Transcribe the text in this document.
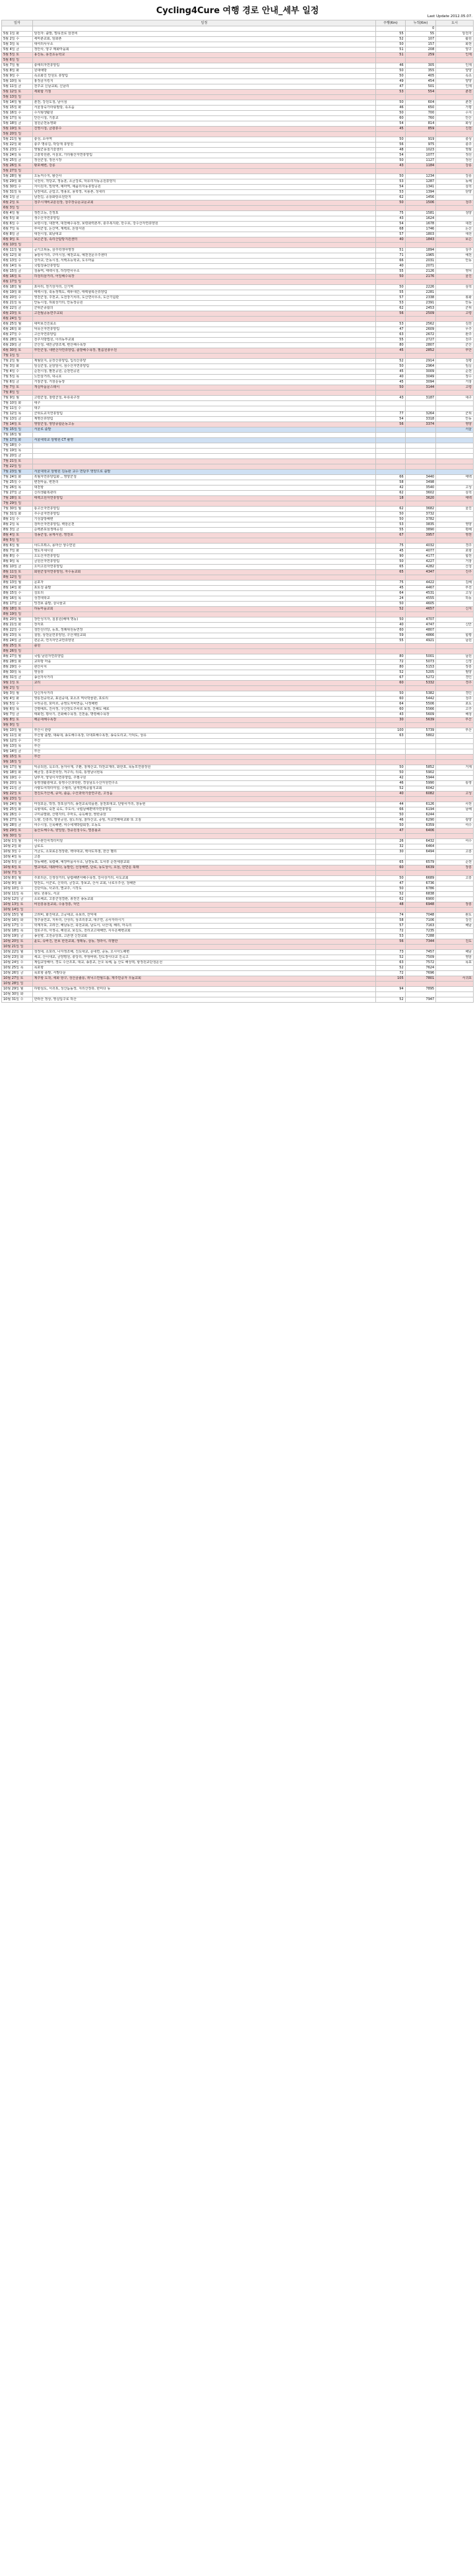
Cycling4Cure 여행 경로 안내_세부 일정
Last Update 2012.05.07.
일자	일정	주행(Km)	누적(Km)	도시
			0	
5월 1일 화	암전자: 출발, 멀티전로 암전비	55	55	암전자
5월 2일 수	세마춘교회, 임화촌	52	107	활원
5월 3일 목	대여리사무소	50	157	화천
5월 4일 금	정안사, 양구 매화마을회	51	208	양구
5월 5일 토	용진동, 용전초등학교	51	259	인제
5월 6일 일				
5월 7일 월	충태리자연휴양림	46	305	인제
5월 8일 화	원대예방	50	355	양양
5월 9일 수	속초화진 안원도 휴양림	50	405	속초
5월 10일 목	홍정골지킹지	49	454	양양
5월 11일 금	전주교 신남교회, 신남리	47	501	인제
5월 12일 토	세화합 기점	53	554	춘천
5월 13일 일				
5월 14일 월	춘천, 강원도청, 남이섬	50	604	춘천
5월 15일 화	서울창숙가라핑필랑, 속초읍	46	650	가평
5월 16일 수	수지형생활원	50	700	수지
5월 17일 목	안산시청, 기흥교	60	760	안산
5월 18일 금	철원준천동영화	54	814	화성
5월 19일 토	진영시청, 금광휴수	45	859	진천
5월 20일 일				
5월 21일 월	충성, 소야역	50	919	충성
5월 22일 화	충주 명류길, 박당재 휴양원	56	975	충주
5월 23일 수	영월군용철기술센터	48	1023	영월
5월 24일 목	고흥학원관, 서울호, 가리왕산자연휴양림	54	1077	정선
5월 25일 금	정선군청, 정선시장	50	1127	정선
5월 26일 토	황포해변, 강릉	43	1184	강릉
5월 27일 일				
5월 28일 월	오동저수지, 왕산사	50	1234	강릉
5월 29일 화	국전사, 적당교, 정동혼, 소금강로, 덕유리자동공원휴양지	53	1287	동해
5월 30일 수	자이원자, 밀학역, 예마역, 예품리자동휴양공원	54	1341	삼척
5월 31일 목	남천대교, 준업고, 앵용호, 용학장, 치용촌, 성내리	53	1394	단양
6월 1일 금	남천길, 공룡화랑소원단지	62	1456	
6월 2일 토	청주시재비교분원장, 청주장승문교문교회	50	1506	청주
6월 3일 일				
6월 4일 월	정칸고등, 진정포	75	1581	청양
6월 5일 화	생수산자연휴양림	43	1624	
6월 6일 수	보령시청, 대천역, 대천해수욕장, 보령화력본부, 충주복지관, 만수호, 강수산자연휴양원	54	1678	대천
6월 7일 목	부여군청, 논산역, 계백로, 돈암서원	68	1746	논산
6월 8일 금	대전시청, 회남대교	57	1803	대전
6월 9일 토	보은군청, 속리산탐방지원센터	40	1843	보은
6월 10일 일				
6월 11일 월	공기고위동, 삼주학생야영장	51	1894	상주
6월 12일 화	농암사거리, 구미시청, 예천교육, 예천전문우주센터	71	1965	예천
6월 13일 수	상자교, 안동시청, 서백초등학교, 도우마을	66	2031	안동
6월 14일 목	국립청송산휴양림	40	2071	
6월 15일 금	청송역, 태백시청, 하장면사무소	55	2126	영덕
6월 16일 토	하청리삼거리, 어일해수욕장	50	2176	울진
6월 17일 일				
6월 18일 월	포야리, 천기상자리, 신기역	50	2226	삼척
6월 19일 화	태백시청, 축동정맥도, 백두대간, 태백할복산휴양림	55	2281	
6월 20일 수	영천군청, 주천교, 도전장기치리, 도산면사무소, 도산기념관	57	2338	봉화
6월 21일 목	안동시청, 하회상가리, 안동장승원	53	2391	안동
6월 22일 금	군위군종합의	62	2453	군위
6월 23일 토	고전월공동면주교회	56	2509	고령
6월 24일 일				
6월 25일 월	대마보건진료소	53	2562	김천
6월 26일 화	덕유산자연휴양림	47	2609	무주
6월 27일 수	고산자연휴양림	63	2672	완주
6월 28일 목	전주지방법원, 이리동부교회	55	2727	전주
6월 29일 금	군산청, 새만금방조제, 변산해수욕장	80	2807	군산
6월 30일 토	부안군청, 내변산자연휴양림, 솔밭해수욕장, 필름원총무원	45	2852	부안
7월 1일 일				
7월 2일 월	제월단지, 운장산휴양림, 입석산휴양	52	2914	청평
7월 3일 화	임실군청, 운암임이, 섬수산자연휴양림	50	2964	임실
7월 4일 수	순천시청, 팔천공원, 순천연공원	45	3009	순천
7월 5일 목	노안삼거리, 대곡호	40	3049	장수
7월 6일 금	거창군청, 거창운동장	45	3094	거창
7월 7일 토	개실마을문스테이	50	3144	고령
7월 8일 일				
7월 9일 월	고령군청, 창령군청, 두류축구장	43	3187	대구
7월 10일 화	대구			
7월 11일 수	대구			
7월 12일 목	군위도교지연휴양림	77	3264	군위
7월 13일 금	계명산휴양림	54	3318	안동
7월 14일 토	영양군청, 영양종합운동고등	56	3374	영양
7월 15일 일	서울로 출발			서울
7월 16일 월				
7월 17일 화	서울대학교 암병원 CT 촬영			
7월 18일 수				
7월 19일 목				
7월 20일 금				
7월 21일 토				
7월 22일 일				
7월 23일 월	서울대학교 암병원 김동완 교수 면담후 영양으로 출발			
7월 24일 화	흑월자연휴양림화 ,, 영양군청	66	3440	태백
7월 25일 수	변천마을, 변천리	58	3498	
7월 26일 목	대천항	42	3540	고성
7월 27일 금	신리생활복관리	62	3602	삼척
7월 28일 토	태백고원자연휴양림	18	3620	태백
7월 29일 일				
7월 30일 월	통고산자연휴양림	62	3682	울진
7월 31일 화	주수골자연휴양림	50	3732	
8월 1일 수	기성참방해변	50	3782	
8월 2일 목	검마산자연휴양림, 백암온천	53	3835	영양
8월 3일 금	순백촌포섬생태공원	55	3890	평해
8월 4일 토	청송군청, 풍계서원, 영천호	67	3957	영천
8월 5일 일				
8월 6일 월	야드프뤼츠, 용마산 생수연원	75	4032	경주
8월 7일 화	영도자새시원	45	4077	포항
8월 8일 수	오도산자연휴양림	90	4177	합천
8월 9일 목	금원산자연휴양림	50	4227	거창
8월 10일 금	오미고원자연휴양림	65	4282	산청
8월 11일 토	회현군청자연휴양원, 자수동교회	65	4347	진주
8월 12일 일				
8월 13일 월	문포자	75	4422	김해
8월 14일 화	포토청 출발	45	4467	부전
8월 15일 수	칭토리	64	4531	고성
8월 16일 목	성경대학교	24	4555	하동
8월 17일 금	밍경보 출발, 삼나물교	50	4605	
8월 18일 토	하동마을교회	52	4657	신지
8월 19일 일				
8월 20일 월	장안성지자, 칠흥원(배매 명동)	50	4707	
8월 21일 화	장자포	40	4747	신안
8월 22일 수	청안선녀당, 등포, 정례위원동연장	60	4807	
8월 23일 목	칠암, 상천운연휴양원, 구산제일교회	59	4866	함평
8월 24일 금	퀸운교, 연지자인교연휴양원	55	4921	남원
8월 25일 토	출원			
8월 26일 일				
8월 27일 월	국립 남원자연휴양림	80	5001	남원
8월 28일 화	교하방 마을	72	5073	신정
8월 29일 수	관산사치	80	5153	장흥
8월 30일 목	영상휴	52	5205	필양
8월 31일 금	송선자사거리	67	5272	경인
9월 1일 토	교리	60	5332	경주
9월 2일 일				
9월 3일 월	당신자사거리	50	5382	경인
9월 4일 화	영통천중학교, 표원중대, 포소조 역사박물관, 포로리	60	5442	청주
9월 5일 수	무엇공원, 포미르, 중영도자비연습, 나정해변	64	5506	포도
9월 6일 목	건평예트, 진사정, 구산천도주차르 보장, 진해도 해로	60	5566	고주
9월 7일 금	태화천, 평사기, 진화해수욕장, 진천플, 명령해수욕장	43	5609	해청
9월 8일 토	해운대해수욕장	30	5639	부산
9월 9일 일				
9월 10일 월	부산시 관광	100	5739	부산
9월 11일 화	부산항 출발, 대륙대, 송도해수욕장, 다대포해수욕장, 송숙도리교, 가덕도, 상유	63	5802	
9월 12일 수	부산			
9월 13일 목	부산			
9월 14일 금	부산			
9월 15일 토	부산			
9월 16일 일				
9월 17일 월	익증되원, 옥오리, 놀자사재, 구환, 창제산교, 하천교재리, 와한포, 목동모연광장원	50	5852	거제
9월 18일 화	해금강, 흥포전학장, 저구리, 뒤혹, 통영남너현목	50	5902	
9월 19일 수	남부자, 양녕이자연휴양림, 주필구원	42	5944	
9월 20일 목	통영생활광대교, 통영수산과학관, 경상남도수산자원연구소	46	5990	통영
9월 21일 금	사량도여객터미널, 수월리, 남게천백중합지교회	52	6042	
9월 22일 토	천진도가산세, 중덕, 솔읍, 수산과학기술연구원, 고성읍	40	6082	고성
9월 23일 일				
9월 24일 월	마청포운, 박장, 장포삼거리, 송천교육학을관, 삼천포대교, 단항사거리, 창동현	44	6126	사천
9월 25일 화	죽항대로, 죽천 죽도, 주도사, 국립남해편백자연휴양림	66	6194	남해
9월 26일 수	구미종말화, 산평자리, 주마도, 죽옥해상, 쌍한종암	50	6244	
9월 27일 목	노량, 진흥리, 방원공원, 섬노리섬, 찰하산교, 중엄, 자교연해대교화 또 고침	46	6290	광양
9월 28일 금	여수시청, 신목해변, 여수세계박람회장, 오동도	50	6359	여수
9월 29일 토	돌산도해수욕, 향일암, 정중원청수도, 벌흥롤교	47	6406	
9월 30일 일				
10월 1일 월	여수관인여객터미널	26	6432	여수
10월 2일 화	급로도	32	6464	
10월 3일 수	거금도, 소포료온정장관, 백야대교, 백야도하점, 한산 벨리	30	6494	고흥
10월 4일 목	고흥			
10월 5일 금	장동해변, 목렵해, 예장마을사무소, 남천동포, 도사휴 순천세광교회	65	6579	순천
10월 6일 토	별교대교, 대좌바다, 동발런, 선청해변, 단로, 동도상이, 호섬, 한반운 북래	60	6639	장흥
10월 7일 일				
10월 8일 월	주포리온, 신생상거리, 남렵해변아해수욕장, 강사상거리, 사도교회	50	6689	고흥
10월 9일 화	방천도, 서군로, 신학리, 금강교, 장보교, 산서 교회, 나로우주선, 청해한	47	6736	
10월 10일 수	진단여동, 사교리, 별교주, 시작도	50	6786	
10월 11일 목	완도 원봉도, 서교	52	6838	
10월 12일 금	소로해교, 고흥군청결관, 총천진 송동교회	62	6900	
10월 13일 토	비원흥용철교회, 수용정흥, 덕인	48	6948	장흥
10월 14일 일				
10월 15일 월	고려비, 화진대교, 고공대교, 유보리, 잔익대	74	7048	완도
10월 16일 화	정주용연교, 지두리, 산성리, 상조리휴교, 대구면, 공사자라시기	58	7106	강진
10월 17일 수	학계자포, 고려산, 해남동산, 축전교회, 남도서, 나산대, 해리, 마옥리	57	7163	해남
10월 18일 목	청로구리, 아생곡, 해원교, 보길도, 전리교고대해안, 사무온해변교회	72	7235	
10월 19일 금	송원향, 고전중앙포, 고흔엔 신찬교회	53	7288	
10월 20일 토	윤도, 슈바진, 한보 한전교회, 생래동, 삼동, 정라이, 리팔한	56	7344	진도
10월 21일 일				
10월 22일 월	청정대, 소포리, 나자정조해, 진도대교, 문내면, 중동, 오시아노해변	73	7457	해남
10월 23일 화	세교, 산이대교, 금양평원, 충당리, 부엉바위, 안도장이다교 진곡고	52	7509	영암
10월 24일 수	계림교앙해아, 경도 수산조포, 대교, 송흥교, 산오 목해, 돔 산도 해상덱, 항정원교단청운선	63	7572	목포
10월 25일 목	목포항	52	7624	
10월 26일 금	목포항 출발, 서발다문	72	7696	
10월 27일 토	제주항 도착, 세화 항구, 성산골졸롱, 위닉스연월드톱, 제주민중자 우돌교회	105	7801	서귀포
10월 28일 일				
10월 29일 월	하항섬도, 서귀포, 성산돔돌장, 지리산장휴, 한미다 동	94	7895	
10월 30일 화				
10월 31일 수	한라산 정상, 영실입구로 하산	52	7947	
